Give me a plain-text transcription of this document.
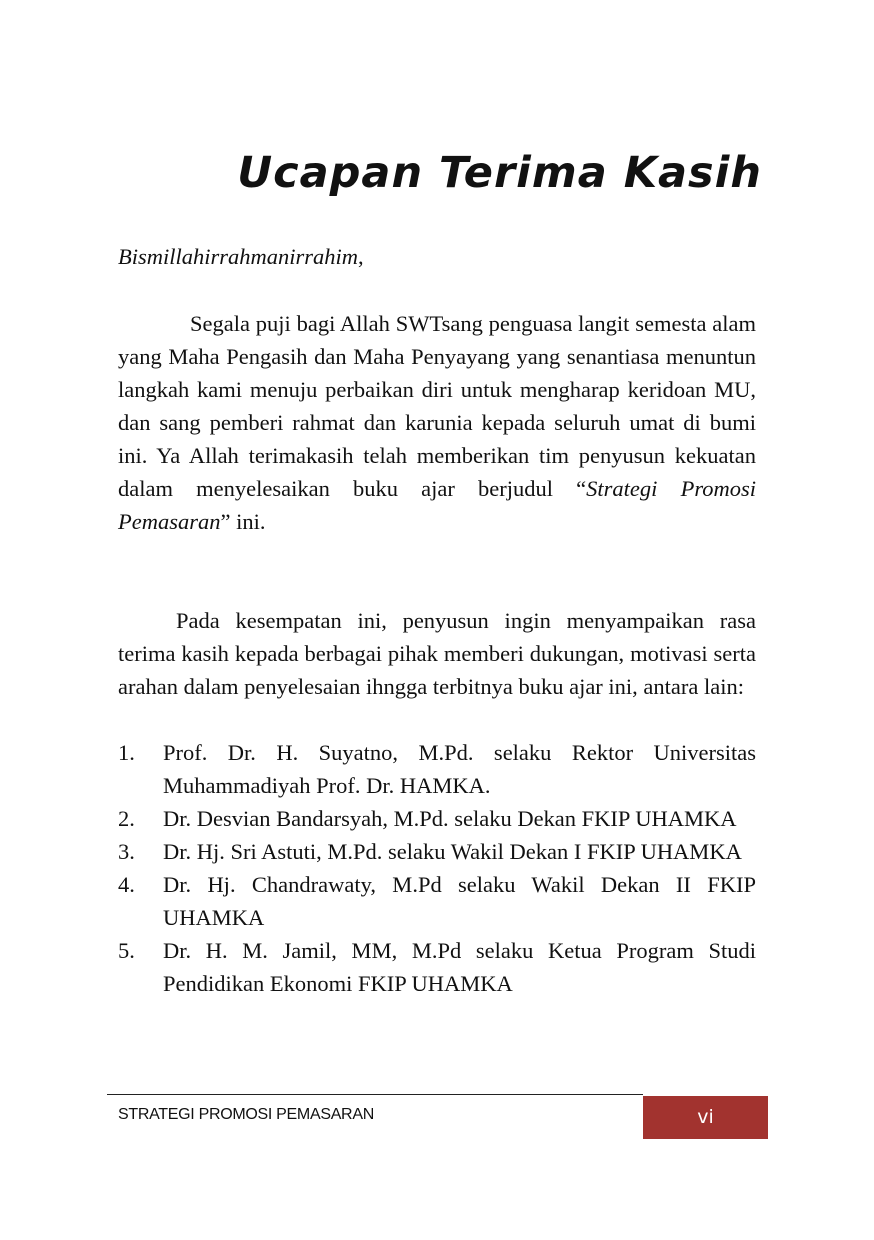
Ucapan Terima Kasih
Bismillahirrahmanirrahim,

Segala puji bagi Allah SWTsang penguasa langit semesta alam yang Maha Pengasih dan Maha Penyayang yang senantiasa menuntun langkah kami menuju perbaikan diri untuk mengharap keridoan MU, dan sang pemberi rahmat dan karunia kepada seluruh umat di bumi ini. Ya Allah terimakasih telah memberikan tim penyusun kekuatan dalam menyelesaikan buku ajar berjudul “Strategi Promosi Pemasaran” ini.

Pada kesempatan ini, penyusun ingin menyampaikan rasa terima kasih kepada berbagai pihak memberi dukungan, motivasi serta arahan dalam penyelesaian ihngga terbitnya buku ajar ini, antara lain:

1. Prof. Dr. H. Suyatno, M.Pd. selaku Rektor Universitas Muhammadiyah Prof. Dr. HAMKA.
2. Dr. Desvian Bandarsyah, M.Pd. selaku Dekan FKIP UHAMKA
3. Dr. Hj. Sri Astuti, M.Pd. selaku Wakil Dekan I FKIP UHAMKA
4. Dr. Hj. Chandrawaty, M.Pd selaku Wakil Dekan II FKIP UHAMKA
5. Dr. H. M. Jamil, MM, M.Pd selaku Ketua Program Studi Pendidikan Ekonomi FKIP UHAMKA
STRATEGI PROMOSI PEMASARAN	vi
